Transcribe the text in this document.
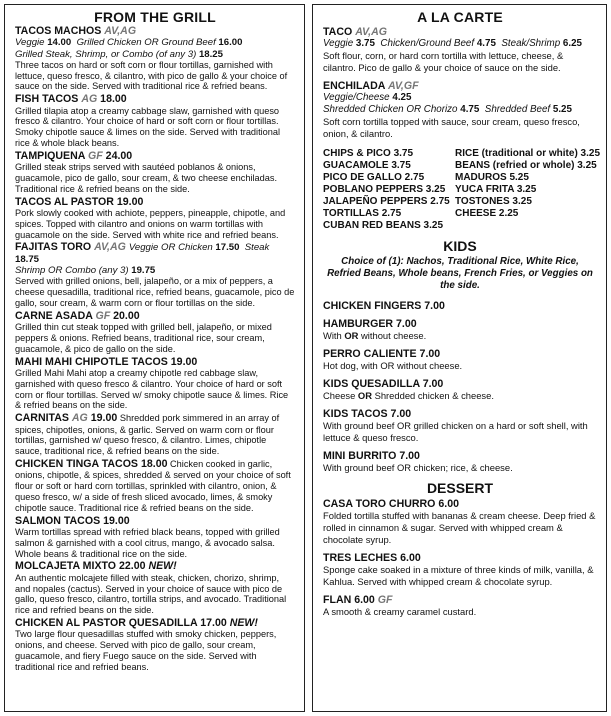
FROM THE GRILL
TACOS MACHOS AV,AG
Veggie 14.00 Grilled Chicken OR Ground Beef 16.00
Grilled Steak, Shrimp, or Combo (of any 3) 18.25
Three tacos on hard or soft corn or flour tortillas, garnished with lettuce, queso fresco, & cilantro, with pico de gallo & your choice of sauce on the side. Served with traditional rice & refried beans.
FISH TACOS AG 18.00
Grilled tilapia atop a creamy cabbage slaw, garnished with queso fresco & cilantro. Your choice of hard or soft corn or flour tortillas. Smoky chipotle sauce & limes on the side. Served with traditional rice & whole black beans.
TAMPIQUENA GF 24.00
Grilled steak strips served with sautéed poblanos & onions, guacamole, pico de gallo, sour cream, & two cheese enchiladas. Traditional rice & refried beans on the side.
TACOS AL PASTOR 19.00
Pork slowly cooked with achiote, peppers, pineapple, chipotle, and spices. Topped with cilantro and onions on warm tortillas with guacamole on the side. Served with white rice and refried beans.
FAJITAS TORO AV,AG Veggie OR Chicken 17.50 Steak 18.75
Shrimp OR Combo (any 3) 19.75
Served with grilled onions, bell, jalapeño, or a mix of peppers, a cheese quesadilla, traditional rice, refried beans, guacamole, pico de gallo, sour cream, & warm corn or flour tortillas on the side.
CARNE ASADA GF 20.00
Grilled thin cut steak topped with grilled bell, jalapeño, or mixed peppers & onions. Refried beans, traditional rice, sour cream, guacamole, & pico de gallo on the side.
MAHI MAHI CHIPOTLE TACOS 19.00
Grilled Mahi Mahi atop a creamy chipotle red cabbage slaw, garnished with queso fresco & cilantro. Your choice of hard or soft corn or flour tortillas. Served w/ smoky chipotle sauce & limes. Rice & refried beans on the side.
CARNITAS AG 19.00 Shredded pork simmered in an array of spices, chipotles, onions, & garlic. Served on warm corn or flour tortillas, garnished w/ queso fresco, & cilantro. Limes, chipotle sauce, traditional rice, & refried beans on the side.
CHICKEN TINGA TACOS 18.00 Chicken cooked in garlic, onions, chipotle, & spices, shredded & served on your choice of soft flour or soft or hard corn tortillas, sprinkled with cilantro, onion, & queso fresco, w/ a side of fresh sliced avocado, limes, & smoky chipotle sauce. Traditional rice & refried beans on the side.
SALMON TACOS 19.00
Warm tortillas spread with refried black beans, topped with grilled salmon & garnished with a cool citrus, mango, & avocado salsa. Whole beans & traditional rice on the side.
MOLCAJETA MIXTO 22.00 NEW!
An authentic molcajete filled with steak, chicken, chorizo, shrimp, and nopales (cactus). Served in your choice of sauce with pico de gallo, queso fresco, cilantro, tortilla strips, and avocado. Traditional rice and refried beans on the side.
CHICKEN AL PASTOR QUESADILLA 17.00 NEW!
Two large flour quesadillas stuffed with smoky chicken, peppers, onions, and cheese. Served with pico de gallo, sour cream, guacamole, and fiery Fuego sauce on the side. Served with traditional rice and refried beans.
A LA CARTE
TACO AV,AG
Veggie 3.75 Chicken/Ground Beef 4.75 Steak/Shrimp 6.25
Soft flour, corn, or hard corn tortilla with lettuce, cheese, & cilantro. Pico de gallo & your choice of sauce on the side.
ENCHILADA AV,GF
Veggie/Cheese 4.25
Shredded Chicken OR Chorizo 4.75 Shredded Beef 5.25
Soft corn tortilla topped with sauce, sour cream, queso fresco, onion, & cilantro.
CHIPS & PICO 3.75
GUACAMOLE 3.75
PICO DE GALLO 2.75
POBLANO PEPPERS 3.25
JALAPEÑO PEPPERS 2.75
TORTILLAS 2.75
CUBAN RED BEANS 3.25
RICE (traditional or white) 3.25
BEANS (refried or whole) 3.25
MADUROS 5.25
YUCA FRITA 3.25
TOSTONES 3.25
CHEESE 2.25
KIDS
Choice of (1): Nachos, Traditional Rice, White Rice, Refried Beans, Whole beans, French Fries, or Veggies on the side.
CHICKEN FINGERS 7.00
HAMBURGER 7.00
With OR without cheese.
PERRO CALIENTE 7.00
Hot dog, with OR without cheese.
KIDS QUESADILLA 7.00
Cheese OR Shredded chicken & cheese.
KIDS TACOS 7.00
With ground beef OR grilled chicken on a hard or soft shell, with lettuce & queso fresco.
MINI BURRITO 7.00
With ground beef OR chicken; rice, & cheese.
DESSERT
CASA TORO CHURRO 6.00
Folded tortilla stuffed with bananas & cream cheese. Deep fried & rolled in cinnamon & sugar. Served with whipped cream & chocolate syrup.
TRES LECHES 6.00
Sponge cake soaked in a mixture of three kinds of milk, vanilla, & Kahlua. Served with whipped cream & chocolate syrup.
FLAN 6.00 GF
A smooth & creamy caramel custard.
